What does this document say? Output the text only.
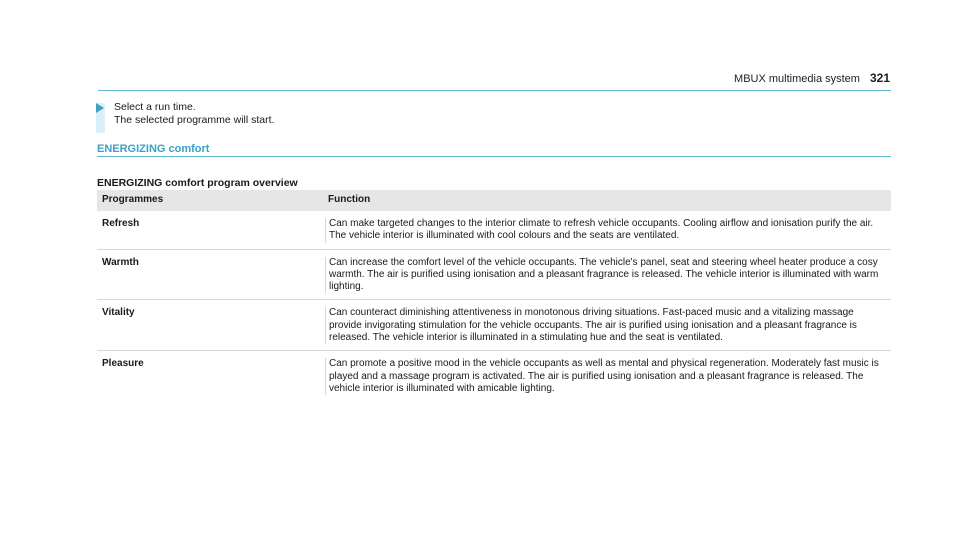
MBUX multimedia system 321
Select a run time.
The selected programme will start.
ENERGIZING comfort
ENERGIZING comfort program overview
Programmes	Function
Refresh	Can make targeted changes to the interior climate to refresh vehicle occupants. Cooling airflow and ionisation purify the air. The vehicle interior is illuminated with cool colours and the seats are ventilated.
Warmth	Can increase the comfort level of the vehicle occupants. The vehicle's panel, seat and steering wheel heater produce a cosy warmth. The air is purified using ionisation and a pleasant fragrance is released. The vehicle interior is illuminated with warm lighting.
Vitality	Can counteract diminishing attentiveness in monotonous driving situations. Fast-paced music and a vitalizing massage provide invigorating stimulation for the vehicle occupants. The air is purified using ionisation and a pleasant fragrance is released. The vehicle interior is illuminated in a stimulating hue and the seat is ventilated.
Pleasure	Can promote a positive mood in the vehicle occupants as well as mental and physical regeneration. Moderately fast music is played and a massage program is activated. The air is purified using ionisation and a pleasant fragrance is released. The vehicle interior is illuminated with amicable lighting.
